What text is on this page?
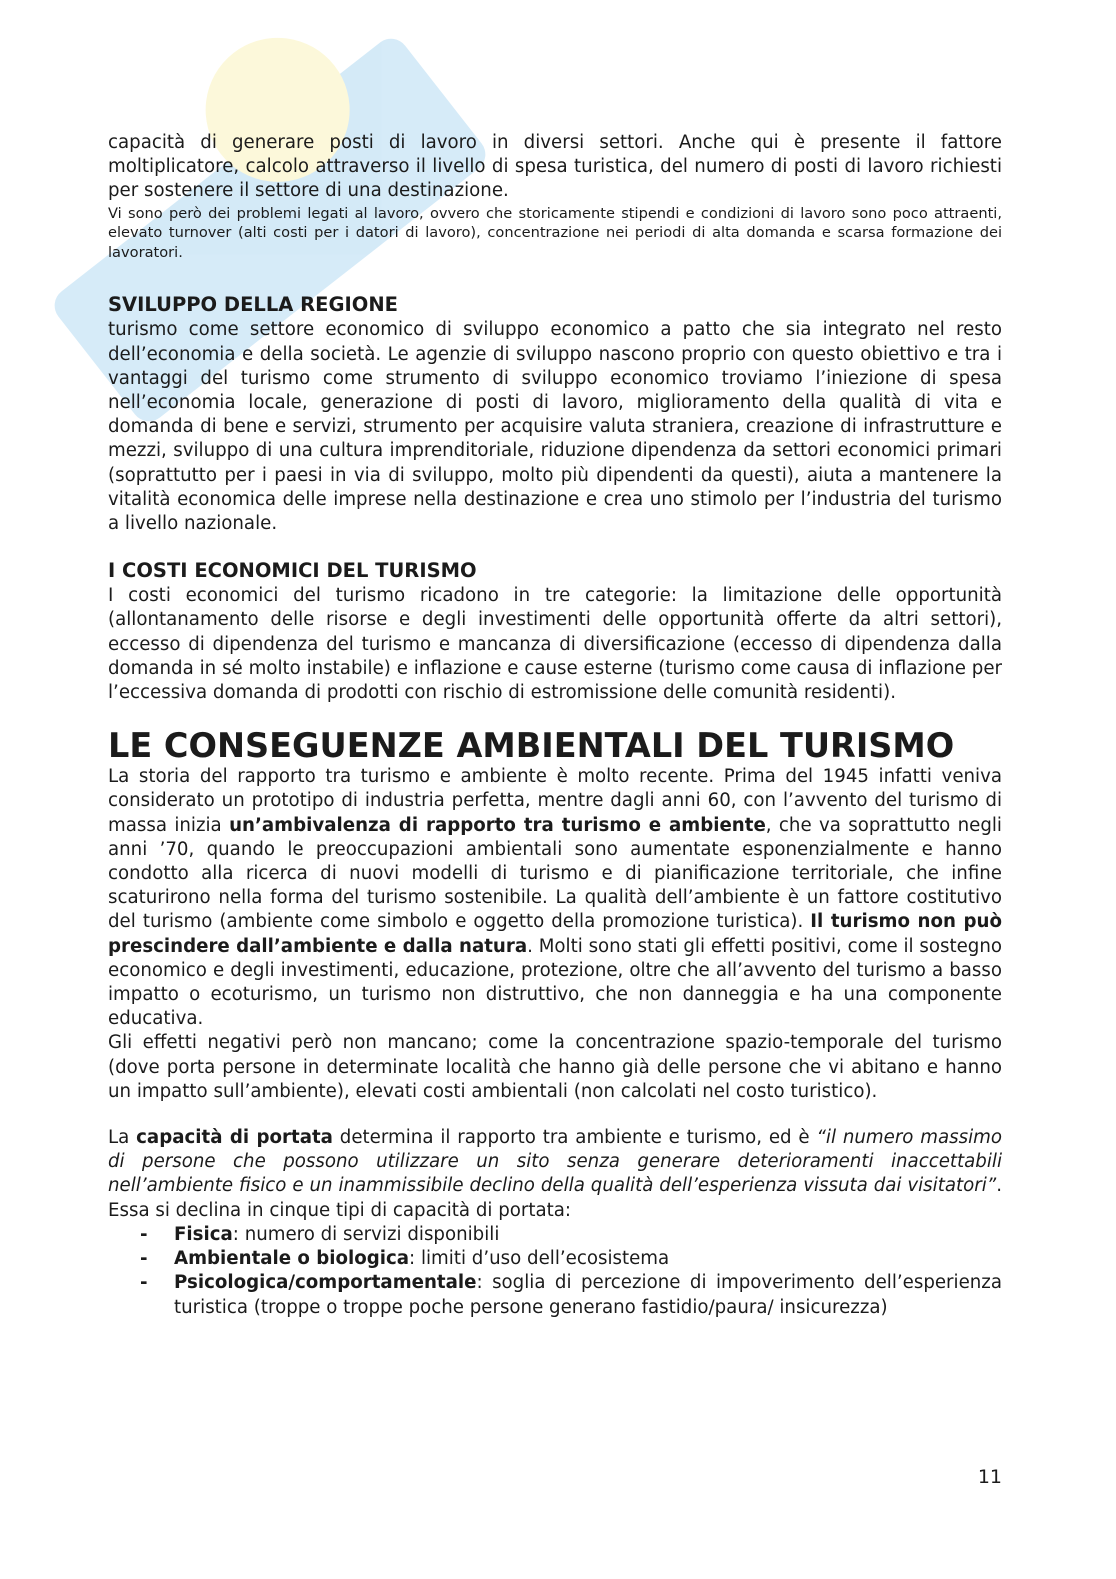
capacità di generare posti di lavoro in diversi settori. Anche qui è presente il fattore moltiplicatore, calcolo attraverso il livello di spesa turistica, del numero di posti di lavoro richiesti per sostenere il settore di una destinazione.

Vi sono però dei problemi legati al lavoro, ovvero che storicamente stipendi e condizioni di lavoro sono poco attraenti, elevato turnover (alti costi per i datori di lavoro), concentrazione nei periodi di alta domanda e scarsa formazione dei lavoratori.

SVILUPPO DELLA REGIONE

turismo come settore economico di sviluppo economico a patto che sia integrato nel resto dell’economia e della società. Le agenzie di sviluppo nascono proprio con questo obiettivo e tra i vantaggi del turismo come strumento di sviluppo economico troviamo l’iniezione di spesa nell’economia locale, generazione di posti di lavoro, miglioramento della qualità di vita e domanda di bene e servizi, strumento per acquisire valuta straniera, creazione di infrastrutture e mezzi, sviluppo di una cultura imprenditoriale, riduzione dipendenza da settori economici primari (soprattutto per i paesi in via di sviluppo, molto più dipendenti da questi), aiuta a mantenere la vitalità economica delle imprese nella destinazione e crea uno stimolo per l’industria del turismo a livello nazionale.

I COSTI ECONOMICI DEL TURISMO

I costi economici del turismo ricadono in tre categorie: la limitazione delle opportunità (allontanamento delle risorse e degli investimenti delle opportunità offerte da altri settori), eccesso di dipendenza del turismo e mancanza di diversificazione (eccesso di dipendenza dalla domanda in sé molto instabile) e inflazione e cause esterne (turismo come causa di inflazione per l’eccessiva domanda di prodotti con rischio di estromissione delle comunità residenti).

LE CONSEGUENZE AMBIENTALI DEL TURISMO

La storia del rapporto tra turismo e ambiente è molto recente. Prima del 1945 infatti veniva considerato un prototipo di industria perfetta, mentre dagli anni 60, con l’avvento del turismo di massa inizia un’ambivalenza di rapporto tra turismo e ambiente, che va soprattutto negli anni ’70, quando le preoccupazioni ambientali sono aumentate esponenzialmente e hanno condotto alla ricerca di nuovi modelli di turismo e di pianificazione territoriale, che infine scaturirono nella forma del turismo sostenibile. La qualità dell’ambiente è un fattore costitutivo del turismo (ambiente come simbolo e oggetto della promozione turistica). Il turismo non può prescindere dall’ambiente e dalla natura. Molti sono stati gli effetti positivi, come il sostegno economico e degli investimenti, educazione, protezione, oltre che all’avvento del turismo a basso impatto o ecoturismo, un turismo non distruttivo, che non danneggia e ha una componente educativa.

Gli effetti negativi però non mancano; come la concentrazione spazio-temporale del turismo (dove porta persone in determinate località che hanno già delle persone che vi abitano e hanno un impatto sull’ambiente), elevati costi ambientali (non calcolati nel costo turistico).

La capacità di portata determina il rapporto tra ambiente e turismo, ed è “il numero massimo di persone che possono utilizzare un sito senza generare deterioramenti inaccettabili nell’ambiente fisico e un inammissibile declino della qualità dell’esperienza vissuta dai visitatori”. Essa si declina in cinque tipi di capacità di portata:

- Fisica: numero di servizi disponibili
- Ambientale o biologica: limiti d’uso dell’ecosistema
- Psicologica/comportamentale: soglia di percezione di impoverimento dell’esperienza turistica (troppe o troppe poche persone generano fastidio/paura/ insicurezza)
11
